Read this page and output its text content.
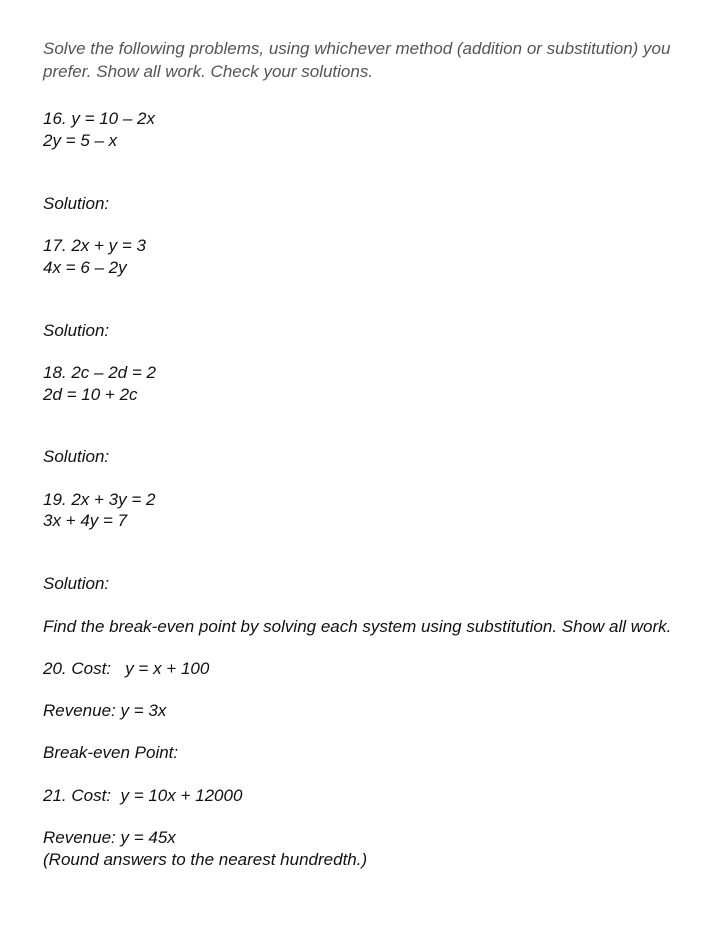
Solve the following problems, using whichever method (addition or substitution) you
prefer. Show all work. Check your solutions.
16. y = 10 – 2x
2y = 5 – x
Solution:
17. 2x + y = 3
4x = 6 – 2y
Solution:
18. 2c – 2d = 2
2d = 10 + 2c
Solution:
19. 2x + 3y = 2
3x + 4y = 7
Solution:
Find the break-even point by solving each system using substitution. Show all work.
20. Cost:   y = x + 100
Revenue: y = 3x
Break-even Point:
21. Cost:  y = 10x + 12000
Revenue: y = 45x
(Round answers to the nearest hundredth.)
